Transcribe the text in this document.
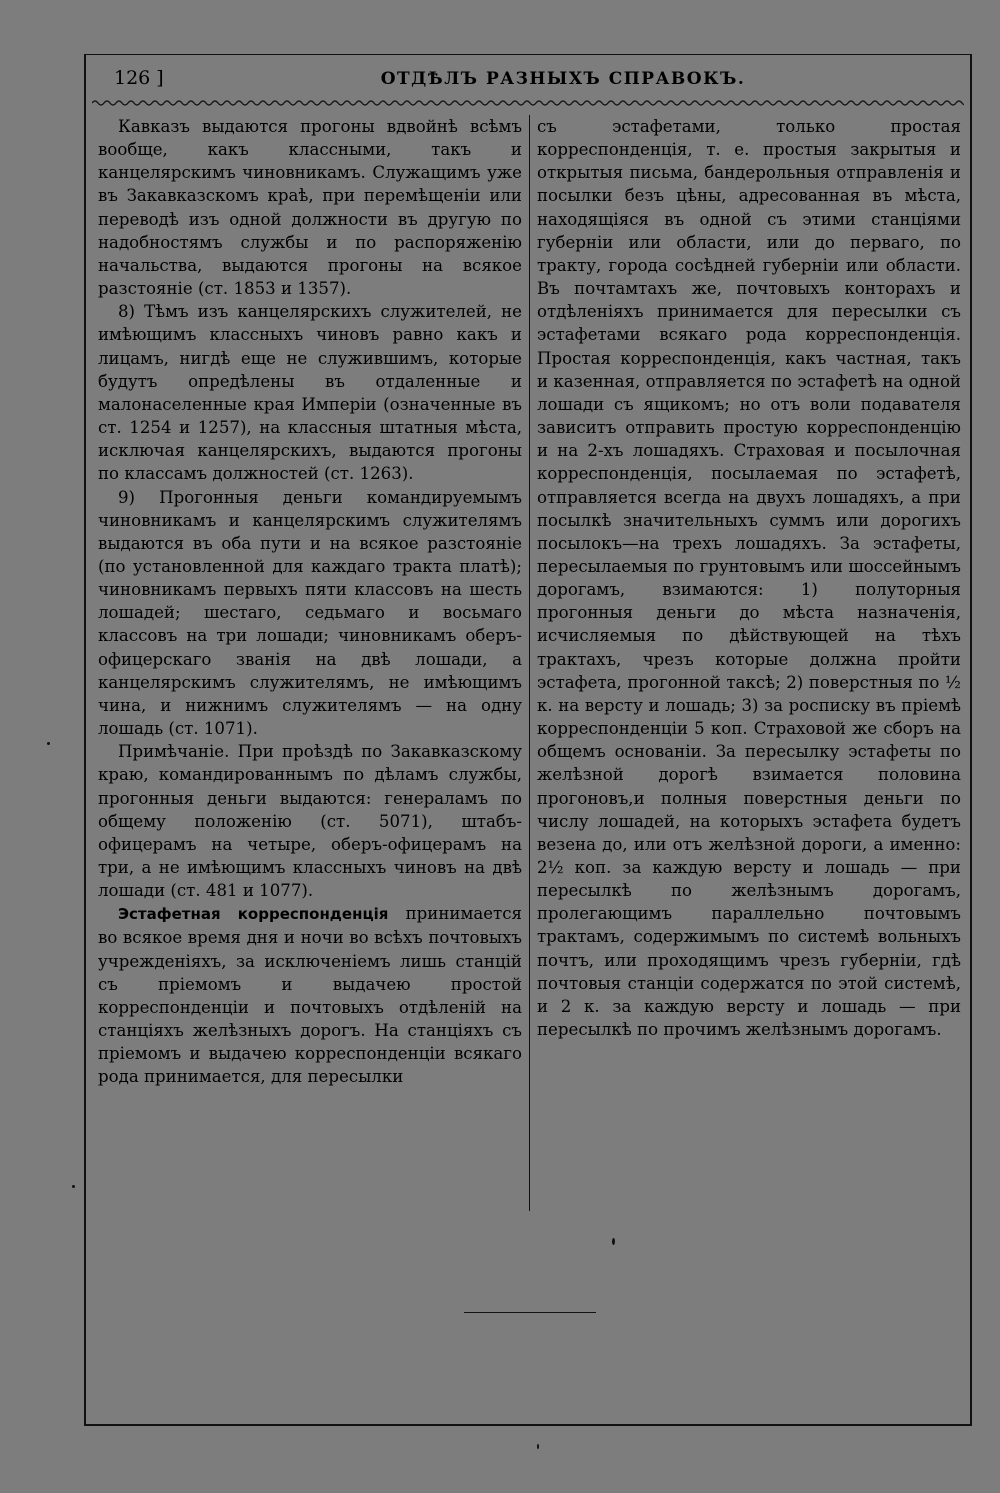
126 ]	ОТДѢЛЪ РАЗНЫХЪ СПРАВОКЪ.

Кавказъ выдаются прогоны вдвойнѣ всѣмъ вообще, какъ классными, такъ и канцелярскимъ чиновникамъ. Служащимъ уже въ Закавказскомъ краѣ, при перемѣщеніи или переводѣ изъ одной должности въ другую по надобностямъ службы и по распоряженію начальства, выдаются прогоны на всякое разстояніе (ст. 1853 и 1357).

8) Тѣмъ изъ канцелярскихъ служителей, не имѣющимъ классныхъ чиновъ равно какъ и лицамъ, нигдѣ еще не служившимъ, которые будутъ опредѣлены въ отдаленные и малонаселенные края Имперіи (означенные въ ст. 1254 и 1257), на классныя штатныя мѣста, исключая канцелярскихъ, выдаются прогоны по классамъ должностей (ст. 1263).

9) Прогонныя деньги командируемымъ чиновникамъ и канцелярскимъ служителямъ выдаются въ оба пути и на всякое разстояніе (по установленной для каждаго тракта платѣ); чиновникамъ первыхъ пяти классовъ на шесть лошадей; шестаго, седьмаго и восьмаго классовъ на три лошади; чиновникамъ оберъ-офицерскаго званія на двѣ лошади, а канцелярскимъ служителямъ, не имѣющимъ чина, и нижнимъ служителямъ — на одну лошадь (ст. 1071).

Примѣчаніе. При проѣздѣ по Закавказскому краю, командированнымъ по дѣламъ службы, прогонныя деньги выдаются: генераламъ по общему положенію (ст. 5071), штабъ-офицерамъ на четыре, оберъ-офицерамъ на три, а не имѣющимъ классныхъ чиновъ на двѣ лошади (ст. 481 и 1077).

Эстафетная корреспонденція принимается во всякое время дня и ночи во всѣхъ почтовыхъ учрежденіяхъ, за исключеніемъ лишь станцій съ пріемомъ и выдачею простой корреспонденціи и почтовыхъ отдѣленій на станціяхъ желѣзныхъ дорогъ. На станціяхъ съ пріемомъ и выдачею корреспонденціи всякаго рода принимается, для пересылки

съ эстафетами, только простая корреспонденція, т. е. простыя закрытыя и открытыя письма, бандерольныя отправленія и посылки безъ цѣны, адресованная въ мѣста, находящіяся въ одной съ этими станціями губерніи или области, или до перваго, по тракту, города сосѣдней губерніи или области. Въ почтамтахъ же, почтовыхъ конторахъ и отдѣленіяхъ принимается для пересылки съ эстафетами всякаго рода корреспонденція. Простая корреспонденція, какъ частная, такъ и казенная, отправляется по эстафетѣ на одной лошади съ ящикомъ; но отъ воли подавателя зависитъ отправить простую корреспонденцію и на 2-хъ лошадяхъ. Страховая и посылочная корреспонденція, посылаемая по эстафетѣ, отправляется всегда на двухъ лошадяхъ, а при посылкѣ значительныхъ суммъ или дорогихъ посылокъ—на трехъ лошадяхъ. За эстафеты, пересылаемыя по грунтовымъ или шоссейнымъ дорогамъ, взимаются: 1) полуторныя прогонныя деньги до мѣста назначенія, исчисляемыя по дѣйствующей на тѣхъ трактахъ, чрезъ которые должна пройти эстафета, прогонной таксѣ; 2) поверстныя по ½ к. на версту и лошадь; 3) за росписку въ пріемѣ корреспонденціи 5 коп. Страховой же сборъ на общемъ основаніи. За пересылку эстафеты по желѣзной дорогѣ взимается половина прогоновъ,и полныя поверстныя деньги по числу лошадей, на которыхъ эстафета будетъ везена до, или отъ желѣзной дороги, а именно: 2½ коп. за каждую версту и лошадь — при пересылкѣ по желѣзнымъ дорогамъ, пролегающимъ параллельно почтовымъ трактамъ, содержимымъ по системѣ вольныхъ почтъ, или проходящимъ чрезъ губерніи, гдѣ почтовыя станціи содержатся по этой системѣ, и 2 к. за каждую версту и лошадь — при пересылкѣ по прочимъ желѣзнымъ дорогамъ.
